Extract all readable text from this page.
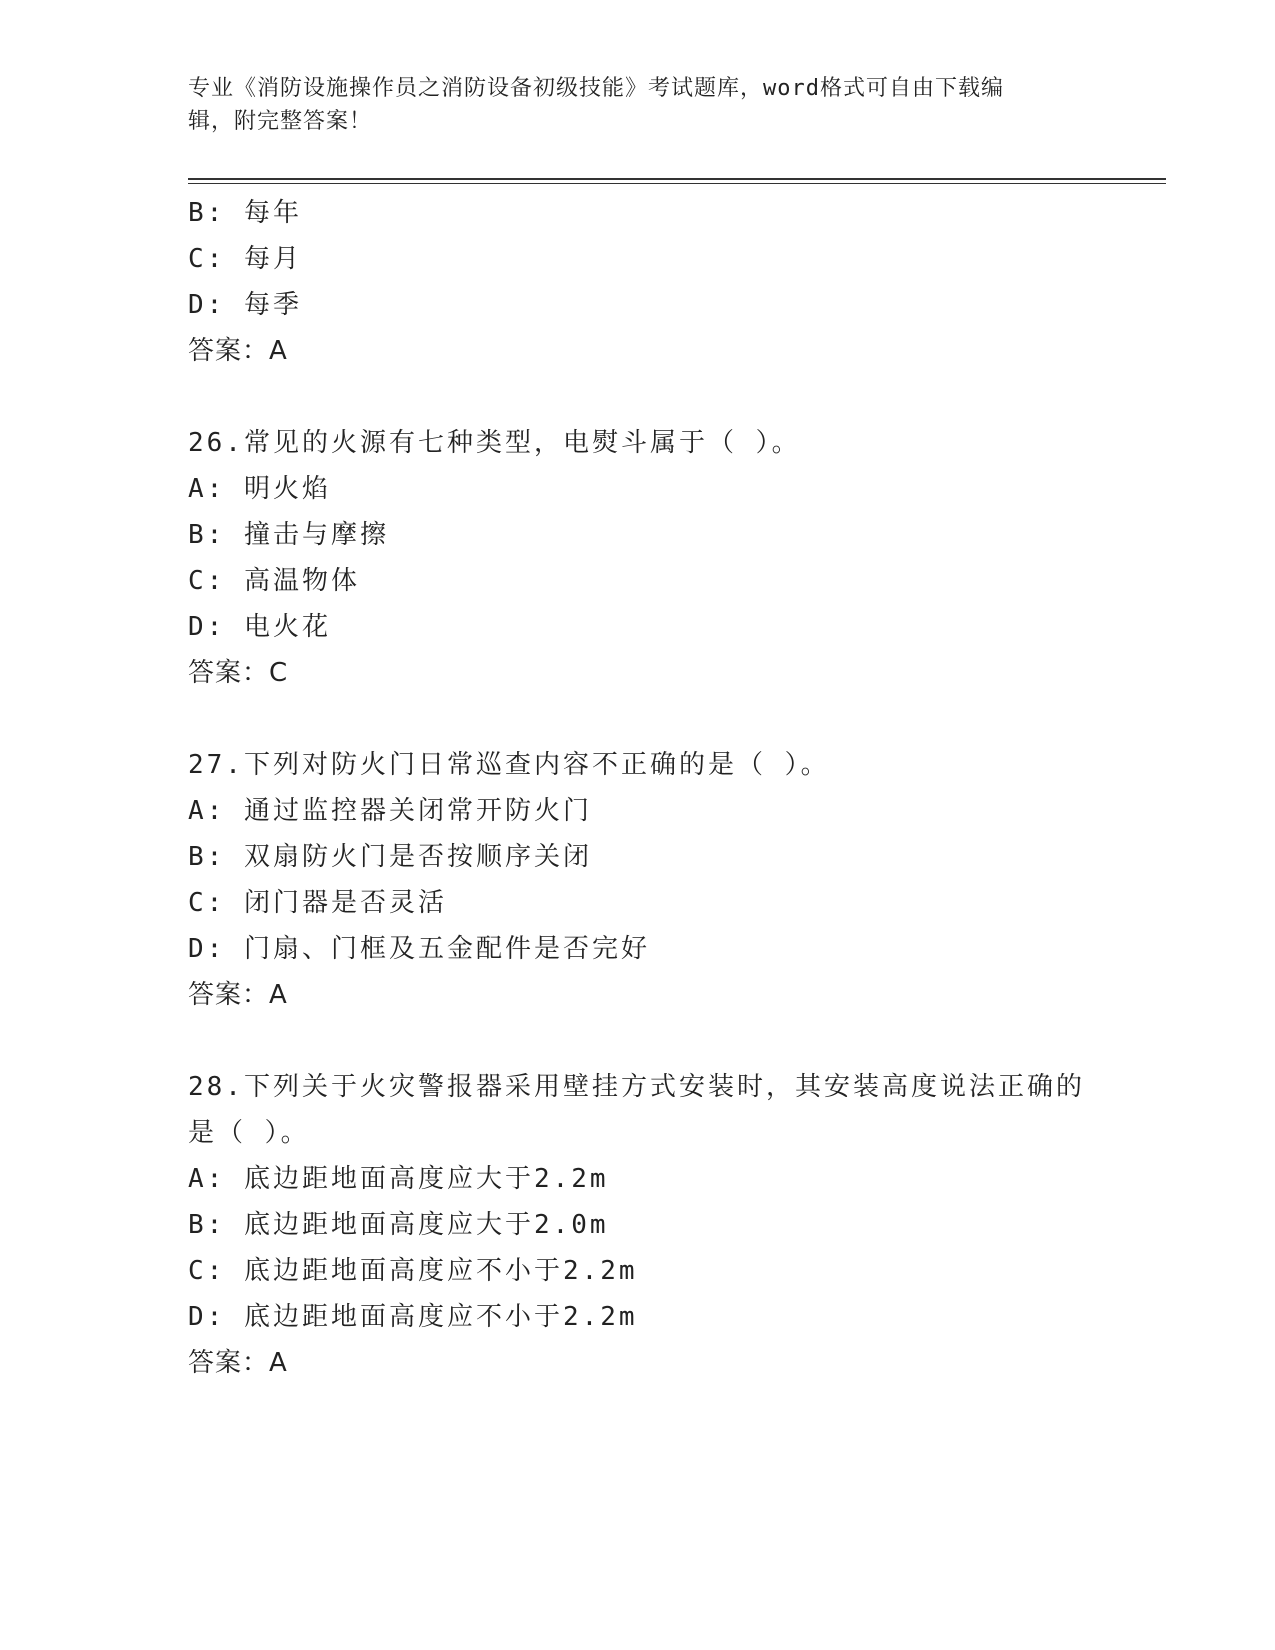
专业《消防设施操作员之消防设备初级技能》考试题库，word格式可自由下载编
辑，附完整答案！
B: 每年
C: 每月
D: 每季
答案：A
26.常见的火源有七种类型，电熨斗属于（ ）。
A: 明火焰
B: 撞击与摩擦
C: 高温物体
D: 电火花
答案：C
27.下列对防火门日常巡查内容不正确的是（ ）。
A: 通过监控器关闭常开防火门
B: 双扇防火门是否按顺序关闭
C: 闭门器是否灵活
D: 门扇、门框及五金配件是否完好
答案：A
28.下列关于火灾警报器采用壁挂方式安装时，其安装高度说法正确的
是（ ）。
A: 底边距地面高度应大于2.2m
B: 底边距地面高度应大于2.0m
C: 底边距地面高度应不小于2.2m
D: 底边距地面高度应不小于2.2m
答案：A
